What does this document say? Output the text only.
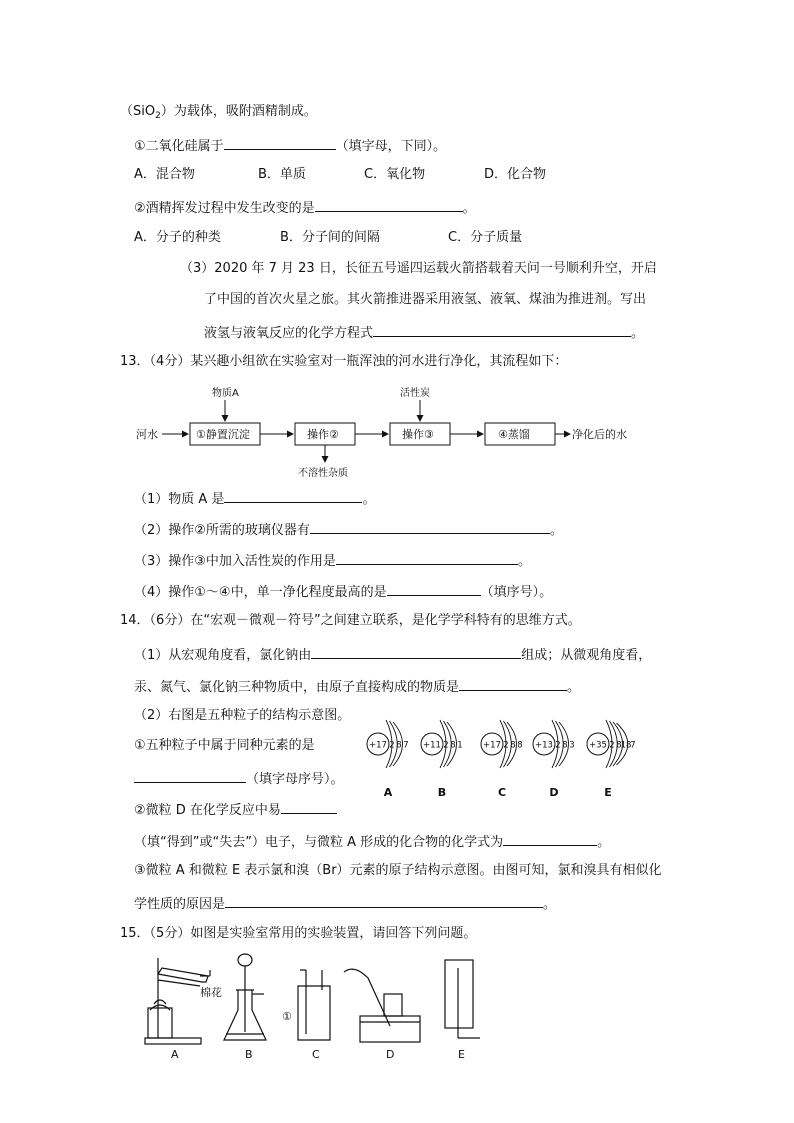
（SiO$_2$）为载体，吸附酒精制成。
①二氧化硅属于	（填字母，下同）。
A．混合物	B．单质	C．氧化物	D．化合物
②酒精挥发过程中发生改变的是	。
A．分子的种类	B．分子间的间隔	C．分子质量
（3）2020 年 7 月 23 日，长征五号遥四运载火箭搭载着天问一号顺利升空，开启
了中国的首次火星之旅。其火箭推进器采用液氢、液氧、煤油为推进剂。写出
液氢与液氧反应的化学方程式	。
13．（4分）某兴趣小组欲在实验室对一瓶浑浊的河水进行净化，其流程如下：
河水	①静置沉淀	操作②	操作③	④蒸馏	净化后的水
物质A	活性炭
不溶性杂质
（1）物质 A 是	。
（2）操作②所需的玻璃仪器有	。
（3）操作③中加入活性炭的作用是	。
（4）操作①～④中，单一净化程度最高的是	（填序号）。
14．（6分）在“宏观－微观－符号”之间建立联系，是化学学科特有的思维方式。
（1）从宏观角度看，氯化钠由	组成；从微观角度看，
汞、氮气、氯化钠三种物质中，由原子直接构成的物质是	。
（2）右图是五种粒子的结构示意图。
①五种粒子中属于同种元素的是
（填字母序号）。
②微粒 D 在化学反应中易
（填“得到”或“失去”）电子，与微粒 A 形成的化合物的化学式为	。
③微粒 A 和微粒 E 表示氯和溴（Br）元素的原子结构示意图。由图可知，氯和溴具有相似化
学性质的原因是	。
+17 2 8 7
A
+11 2 8 1
B
+17 2 8 8
C
+13 2 8 3
D
+35 2 8
18
7
E
15．（5分）如图是实验室常用的实验装置，请回答下列问题。
棉花
①
A	B	C	D	E
